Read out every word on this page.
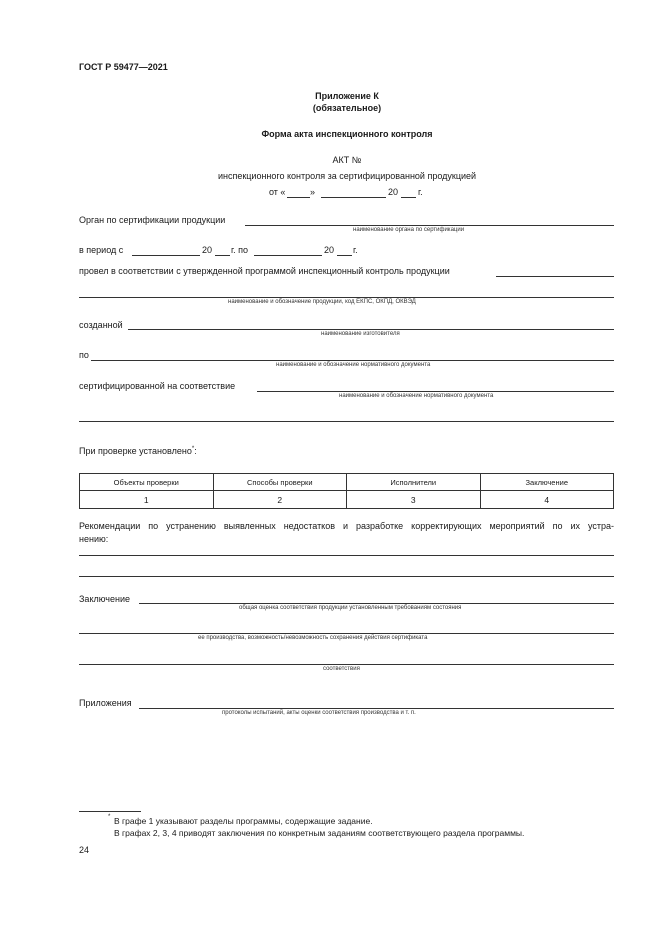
ГОСТ Р 59477—2021
Приложение К
(обязательное)
Форма акта инспекционного контроля
АКТ №
инспекционного контроля за сертифицированной продукцией
от «	»	20 г.
Орган по сертификации продукции
наименование органа по сертификации
в период с	20 г. по	20 г.
провел в соответствии с утвержденной программой инспекционный контроль продукции
наименование и обозначение продукции, код ЕКПС, ОКПД, ОКВЭД
созданной
наименование изготовителя
по
наименование и обозначение нормативного документа
сертифицированной на соответствие
наименование и обозначение нормативного документа
При проверке установлено*:
Объекты проверки	Способы проверки	Исполнители	Заключение
1	2	3	4
Рекомендации по устранению выявленных недостатков и разработке корректирующих мероприятий по их устра-
нению:
Заключение
общая оценка соответствия продукции установленным требованиям состояния
ее производства, возможность/невозможность сохранения действия сертификата
соответствия
Приложения
протоколы испытаний, акты оценки соответствия производства и т. п.
* В графе 1 указывают разделы программы, содержащие задание.
В графах 2, 3, 4 приводят заключения по конкретным заданиям соответствующего раздела программы.
24
